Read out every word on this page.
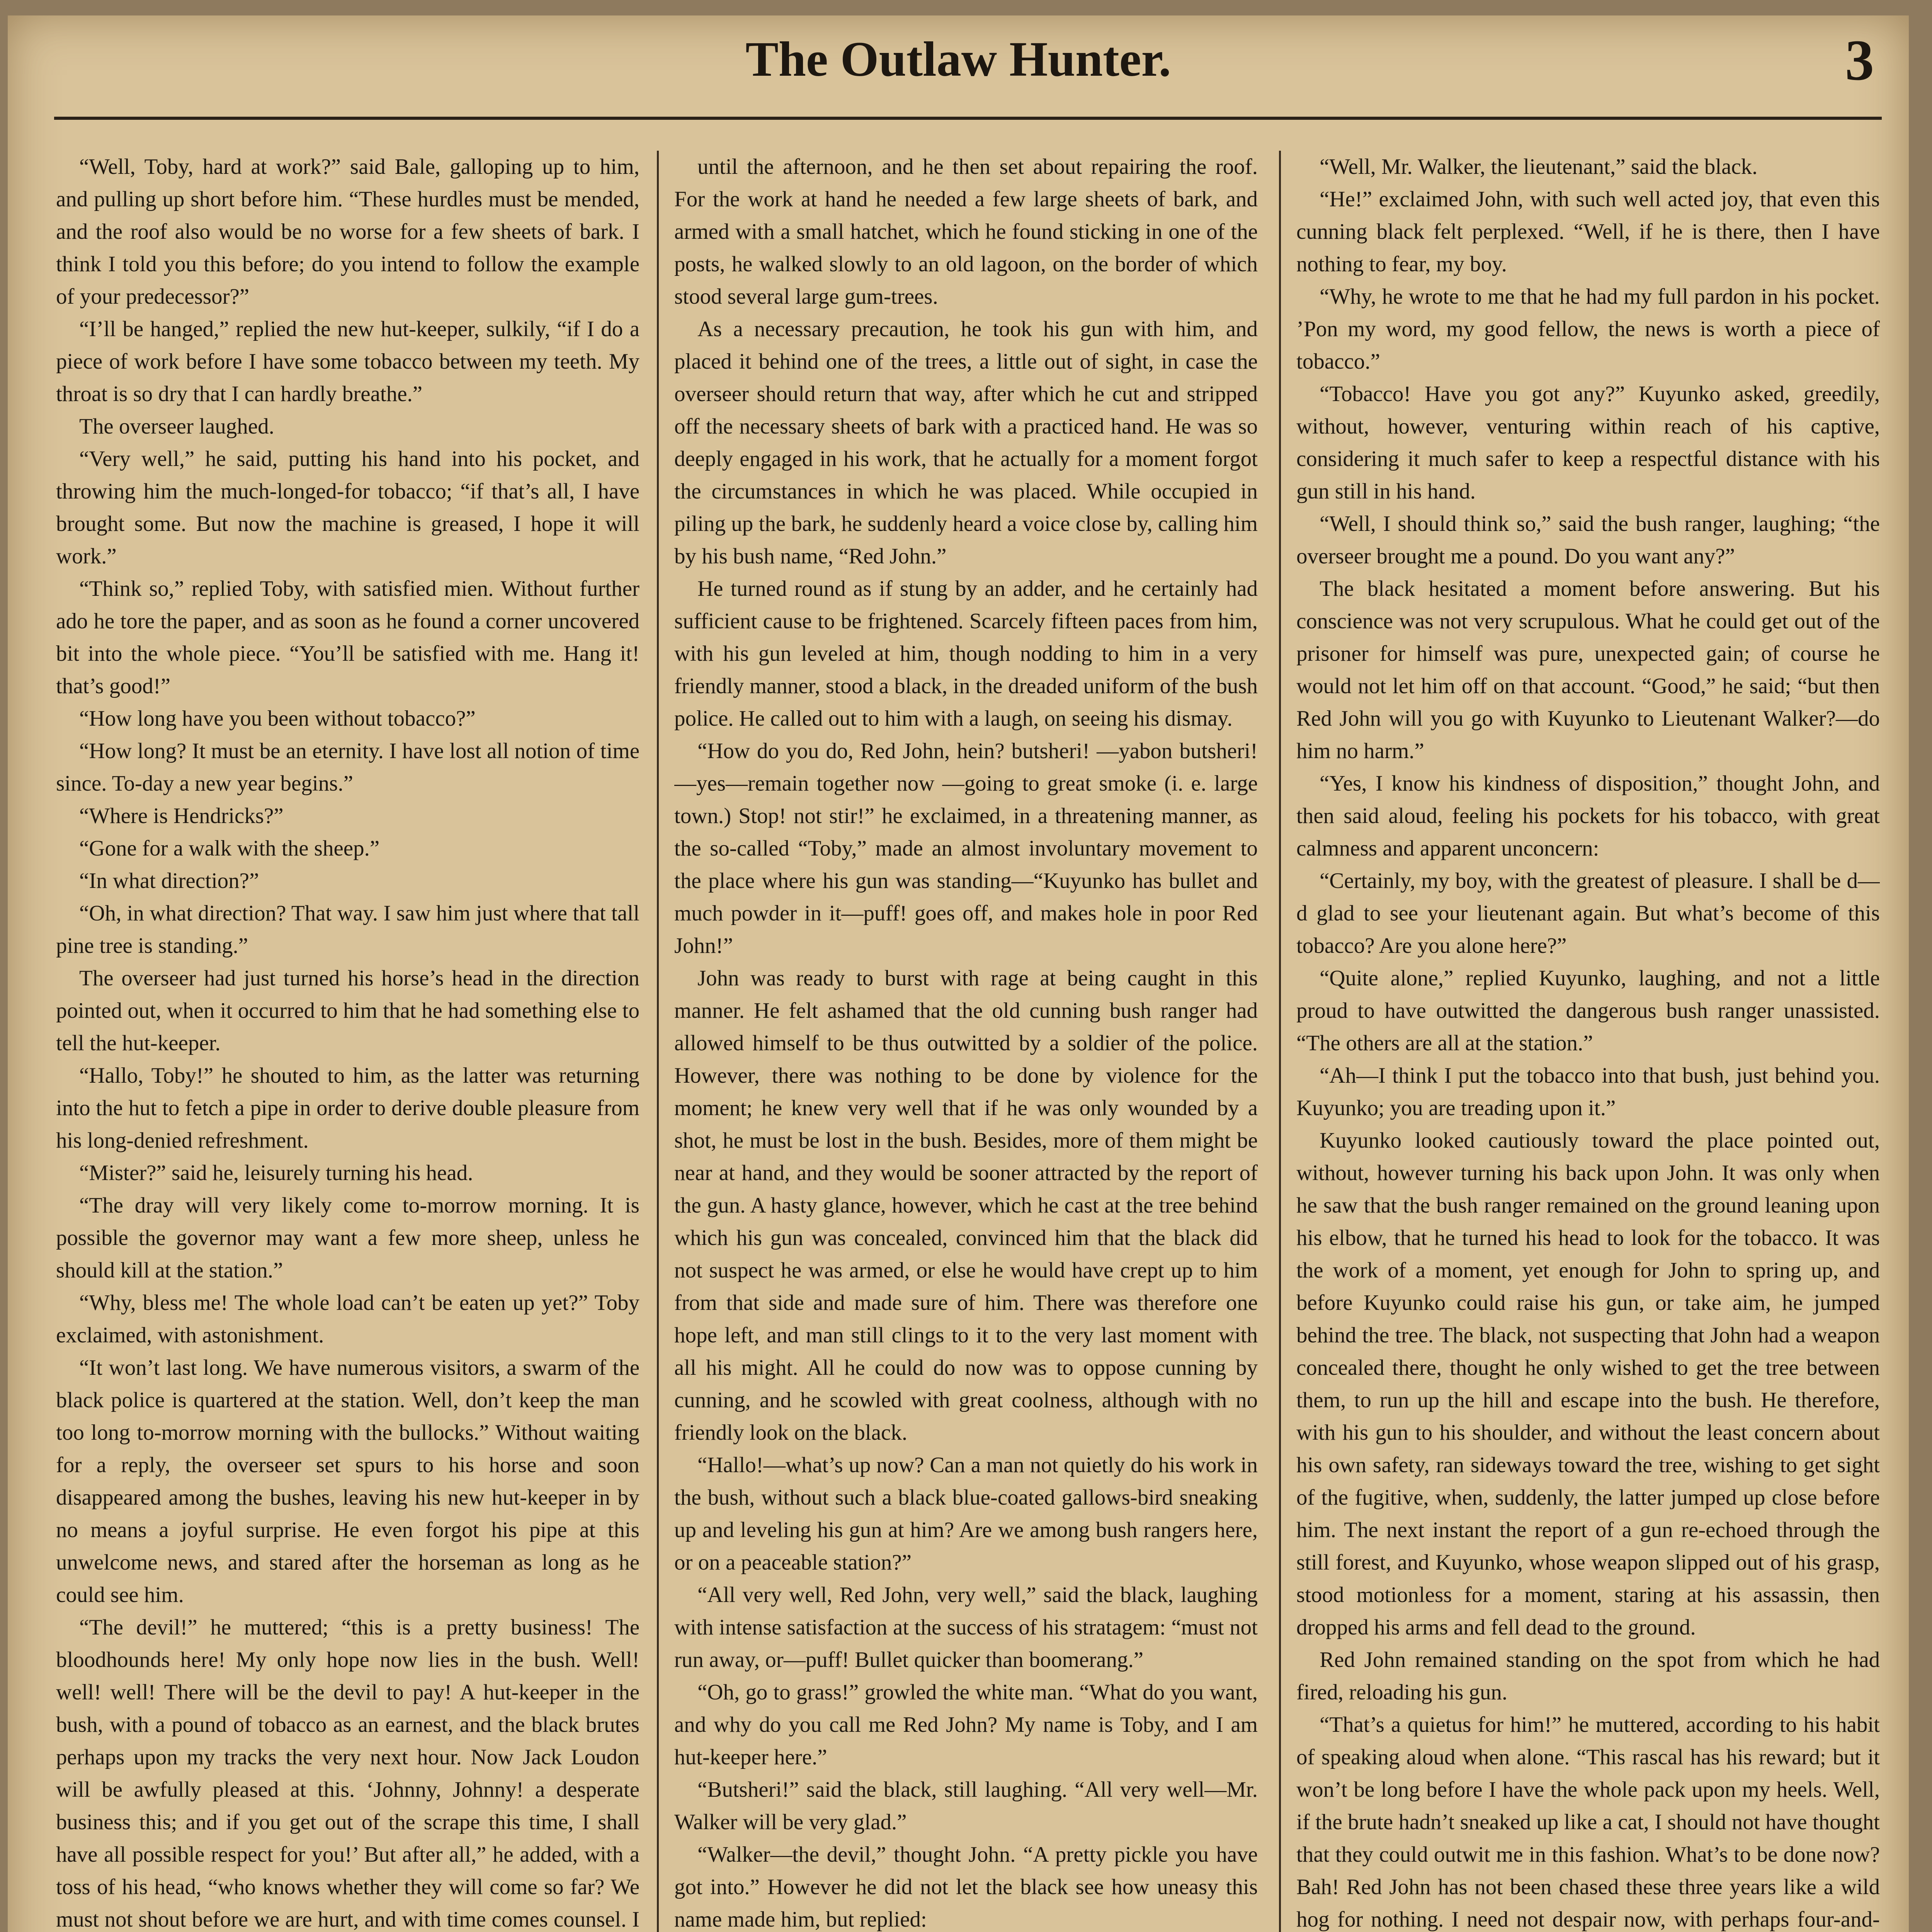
The Outlaw Hunter.	3

“Well, Toby, hard at work?” said Bale, galloping up to him, and pulling up short before him. “These hurdles must be mended, and the roof also would be no worse for a few sheets of bark. I think I told you this before; do you intend to follow the example of your predecessor?”

“I’ll be hanged,” replied the new hut-keeper, sulkily, “if I do a piece of work before I have some tobacco between my teeth. My throat is so dry that I can hardly breathe.”

The overseer laughed.

“Very well,” he said, putting his hand into his pocket, and throwing him the much-longed-for tobacco; “if that’s all, I have brought some. But now the machine is greased, I hope it will work.”

“Think so,” replied Toby, with satisfied mien. Without further ado he tore the paper, and as soon as he found a corner uncovered bit into the whole piece. “You’ll be satisfied with me. Hang it! that’s good!”

“How long have you been without tobacco?”

“How long? It must be an eternity. I have lost all notion of time since. To-day a new year begins.”

“Where is Hendricks?”

“Gone for a walk with the sheep.”

“In what direction?”

“Oh, in what direction? That way. I saw him just where that tall pine tree is standing.”

The overseer had just turned his horse’s head in the direction pointed out, when it occurred to him that he had something else to tell the hut-keeper.

“Hallo, Toby!” he shouted to him, as the latter was returning into the hut to fetch a pipe in order to derive double pleasure from his long-denied refreshment.

“Mister?” said he, leisurely turning his head.

“The dray will very likely come to-morrow morning. It is possible the governor may want a few more sheep, unless he should kill at the station.”

“Why, bless me! The whole load can’t be eaten up yet?” Toby exclaimed, with astonishment.

“It won’t last long. We have numerous visitors, a swarm of the black police is quartered at the station. Well, don’t keep the man too long to-morrow morning with the bullocks.” Without waiting for a reply, the overseer set spurs to his horse and soon disappeared among the bushes, leaving his new hut-keeper in by no means a joyful surprise. He even forgot his pipe at this unwelcome news, and stared after the horseman as long as he could see him.

“The devil!” he muttered; “this is a pretty business! The bloodhounds here! My only hope now lies in the bush. Well! well! well! There will be the devil to pay! A hut-keeper in the bush, with a pound of tobacco as an earnest, and the black brutes perhaps upon my tracks the very next hour. Now Jack Loudon will be awfully pleased at this. ‘Johnny, Johnny! a desperate business this; and if you get out of the scrape this time, I shall have all possible respect for you!’ But after all,” he added, with a toss of his head, “who knows whether they will come so far? We must not shout before we are hurt, and with time comes counsel. I

until the afternoon, and he then set about repairing the roof. For the work at hand he needed a few large sheets of bark, and armed with a small hatchet, which he found sticking in one of the posts, he walked slowly to an old lagoon, on the border of which stood several large gum-trees.

As a necessary precaution, he took his gun with him, and placed it behind one of the trees, a little out of sight, in case the overseer should return that way, after which he cut and stripped off the necessary sheets of bark with a practiced hand. He was so deeply engaged in his work, that he actually for a moment forgot the circumstances in which he was placed. While occupied in piling up the bark, he suddenly heard a voice close by, calling him by his bush name, “Red John.”

He turned round as if stung by an adder, and he certainly had sufficient cause to be frightened. Scarcely fifteen paces from him, with his gun leveled at him, though nodding to him in a very friendly manner, stood a black, in the dreaded uniform of the bush police. He called out to him with a laugh, on seeing his dismay.

“How do you do, Red John, hein? butsheri! —yabon butsheri!—yes—remain together now —going to great smoke (i. e. large town.) Stop! not stir!” he exclaimed, in a threatening manner, as the so-called “Toby,” made an almost involuntary movement to the place where his gun was standing—“Kuyunko has bullet and much powder in it—puff! goes off, and makes hole in poor Red John!”

John was ready to burst with rage at being caught in this manner. He felt ashamed that the old cunning bush ranger had allowed himself to be thus outwitted by a soldier of the police. However, there was nothing to be done by violence for the moment; he knew very well that if he was only wounded by a shot, he must be lost in the bush. Besides, more of them might be near at hand, and they would be sooner attracted by the report of the gun. A hasty glance, however, which he cast at the tree behind which his gun was concealed, convinced him that the black did not suspect he was armed, or else he would have crept up to him from that side and made sure of him. There was therefore one hope left, and man still clings to it to the very last moment with all his might. All he could do now was to oppose cunning by cunning, and he scowled with great coolness, although with no friendly look on the black.

“Hallo!—what’s up now? Can a man not quietly do his work in the bush, without such a black blue-coated gallows-bird sneaking up and leveling his gun at him? Are we among bush rangers here, or on a peaceable station?”

“All very well, Red John, very well,” said the black, laughing with intense satisfaction at the success of his stratagem: “must not run away, or—puff! Bullet quicker than boomerang.”

“Oh, go to grass!” growled the white man. “What do you want, and why do you call me Red John? My name is Toby, and I am hut-keeper here.”

“Butsheri!” said the black, still laughing. “All very well—Mr. Walker will be very glad.”

“Walker—the devil,” thought John. “A pretty pickle you have got into.” However he did not let the black see how uneasy this name made him, but replied:

“Well, Mr. Walker, the lieutenant,” said the black.

“He!” exclaimed John, with such well acted joy, that even this cunning black felt perplexed. “Well, if he is there, then I have nothing to fear, my boy.

“Why, he wrote to me that he had my full pardon in his pocket. ’Pon my word, my good fellow, the news is worth a piece of tobacco.”

“Tobacco! Have you got any?” Kuyunko asked, greedily, without, however, venturing within reach of his captive, considering it much safer to keep a respectful distance with his gun still in his hand.

“Well, I should think so,” said the bush ranger, laughing; “the overseer brought me a pound. Do you want any?”

The black hesitated a moment before answering. But his conscience was not very scrupulous. What he could get out of the prisoner for himself was pure, unexpected gain; of course he would not let him off on that account. “Good,” he said; “but then Red John will you go with Kuyunko to Lieutenant Walker?—do him no harm.”

“Yes, I know his kindness of disposition,” thought John, and then said aloud, feeling his pockets for his tobacco, with great calmness and apparent unconcern:

“Certainly, my boy, with the greatest of pleasure. I shall be d—d glad to see your lieutenant again. But what’s become of this tobacco? Are you alone here?”

“Quite alone,” replied Kuyunko, laughing, and not a little proud to have outwitted the dangerous bush ranger unassisted. “The others are all at the station.”

“Ah—I think I put the tobacco into that bush, just behind you. Kuyunko; you are treading upon it.”

Kuyunko looked cautiously toward the place pointed out, without, however turning his back upon John. It was only when he saw that the bush ranger remained on the ground leaning upon his elbow, that he turned his head to look for the tobacco. It was the work of a moment, yet enough for John to spring up, and before Kuyunko could raise his gun, or take aim, he jumped behind the tree. The black, not suspecting that John had a weapon concealed there, thought he only wished to get the tree between them, to run up the hill and escape into the bush. He therefore, with his gun to his shoulder, and without the least concern about his own safety, ran sideways toward the tree, wishing to get sight of the fugitive, when, suddenly, the latter jumped up close before him. The next instant the report of a gun re-echoed through the still forest, and Kuyunko, whose weapon slipped out of his grasp, stood motionless for a moment, staring at his assassin, then dropped his arms and fell dead to the ground.

Red John remained standing on the spot from which he had fired, reloading his gun.

“That’s a quietus for him!” he muttered, according to his habit of speaking aloud when alone. “This rascal has his reward; but it won’t be long before I have the whole pack upon my heels. Well, if the brute hadn’t sneaked up like a cat, I should not have thought that they could outwit me in this fashion. What’s to be done now? Bah! Red John has not been chased these three years like a wild hog for nothing. I need not despair now, with perhaps four-and-
